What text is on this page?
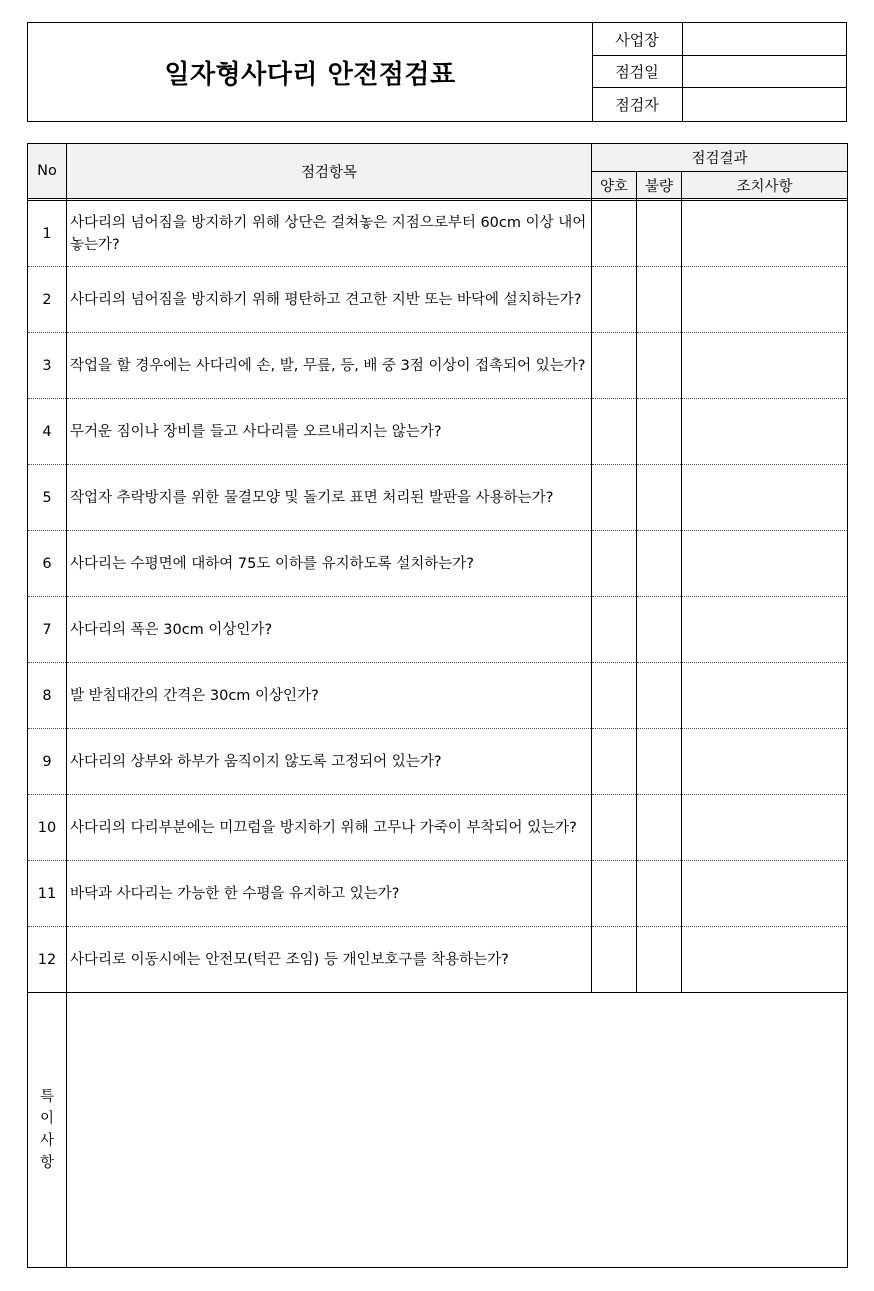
일자형사다리 안전점검표
사업장
점검일
점검자
No	점검항목	점검결과		
		양호	불량	조치사항

1	사다리의 넘어짐을 방지하기 위해 상단은 걸쳐놓은 지점으로부터 60cm 이상 내어 놓는가?			
2	사다리의 넘어짐을 방지하기 위해 평탄하고 견고한 지반 또는 바닥에 설치하는가?			
3	작업을 할 경우에는 사다리에 손, 발, 무릎, 등, 배 중 3점 이상이 접촉되어 있는가?			
4	무거운 짐이나 장비를 들고 사다리를 오르내리지는 않는가?			
5	작업자 추락방지를 위한 물결모양 및 돌기로 표면 처리된 발판을 사용하는가?			
6	사다리는 수평면에 대하여 75도 이하를 유지하도록 설치하는가?			
7	사다리의 폭은 30cm 이상인가?			
8	발 받침대간의 간격은 30cm 이상인가?			
9	사다리의 상부와 하부가 움직이지 않도록 고정되어 있는가?			
10	사다리의 다리부분에는 미끄럼을 방지하기 위해 고무나 가죽이 부착되어 있는가?			
11	바닥과 사다리는 가능한 한 수평을 유지하고 있는가?			
12	사다리로 이동시에는 안전모(턱끈 조임) 등 개인보호구를 착용하는가?			

특
이
사
항				
